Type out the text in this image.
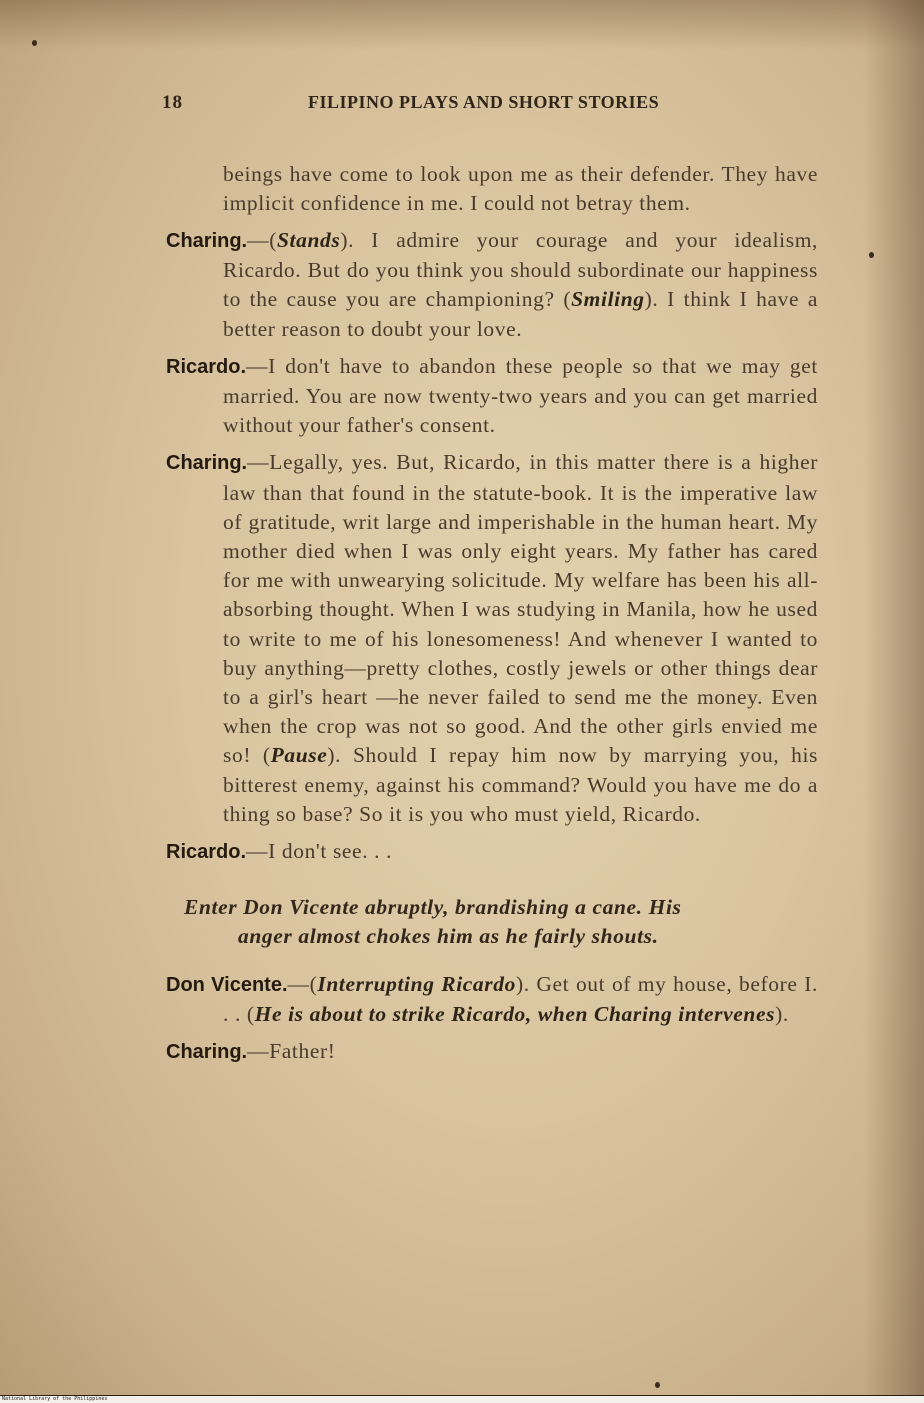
18	FILIPINO PLAYS AND SHORT STORIES

beings have come to look upon me as their defender. They have implicit confidence in me. I could not betray them.

Charing.—(Stands). I admire your courage and your idealism, Ricardo. But do you think you should subordinate our happiness to the cause you are championing? (Smiling). I think I have a better reason to doubt your love.

Ricardo.—I don't have to abandon these people so that we may get married. You are now twenty-two years and you can get married without your father's consent.

Charing.—Legally, yes. But, Ricardo, in this matter there is a higher law than that found in the statute-book. It is the imperative law of gratitude, writ large and imperishable in the human heart. My mother died when I was only eight years. My father has cared for me with unwearying solicitude. My welfare has been his all-absorbing thought. When I was studying in Manila, how he used to write to me of his lonesomeness! And whenever I wanted to buy anything—pretty clothes, costly jewels or other things dear to a girl's heart —he never failed to send me the money. Even when the crop was not so good. And the other girls envied me so! (Pause). Should I repay him now by marrying you, his bitterest enemy, against his command? Would you have me do a thing so base? So it is you who must yield, Ricardo.

Ricardo.—I don't see. . .

Enter Don Vicente abruptly, brandishing a cane. His
anger almost chokes him as he fairly shouts.

Don Vicente.—(Interrupting Ricardo). Get out of my house, before I. . . (He is about to strike Ricardo, when Charing intervenes).

Charing.—Father!

National Library of the Philippines
